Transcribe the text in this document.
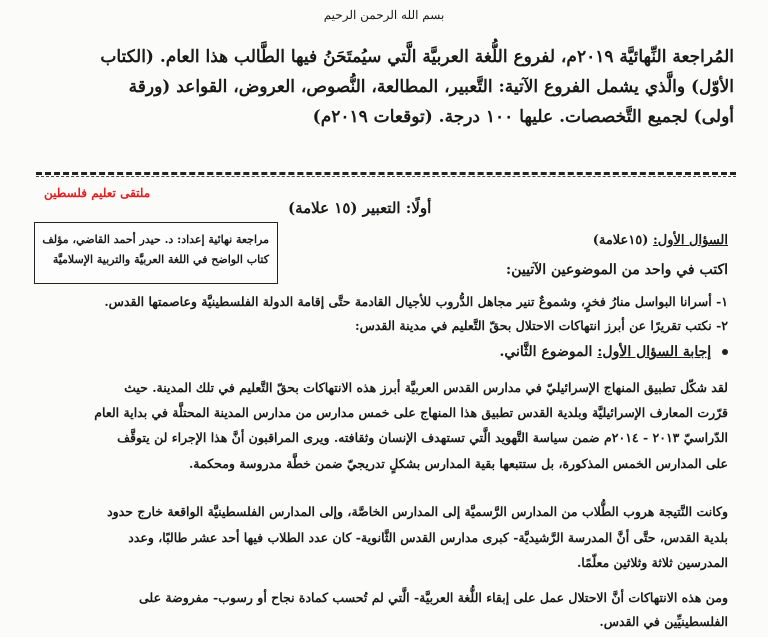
بسم الله الرحمن الرحيم
المُراجعة النِّهائيَّة ٢٠١٩م، لفروع اللُّغة العربيَّة الَّتي سيُمتَحَنُ فيها الطَّالب هذا العام. (الكتاب
الأوّل) والَّذي يشمل الفروع الآتية: التَّعبير، المطالعة، النُّصوص، العروض، القواعد (ورقة
أولى) لجميع التَّخصصات. عليها ١٠٠ درجة. (توقعات ٢٠١٩م)
ملتقى تعليم فلسطين
أولًا: التعبير (١٥ علامة)
مراجعة نهائية إعداد: د. حيدر أحمد القاضي، مؤلف
كتاب الواضح في اللغة العربيَّة والتربية الإسلاميَّة
السؤال الأول: (١٥علامة)
اكتب في واحد من الموضوعين الآتيين:
١- أسرانا البواسل منارُ فخرٍ، وشموعٌ تنير مجاهل الدُّروب للأجيال القادمة حتَّى إقامة الدولة الفلسطينيَّة وعاصمتها القدس.
٢- نكتب تقريرًا عن أبرز انتهاكات الاحتلال بحقّ التَّعليم في مدينة القدس:
إجابة السؤال الأول: الموضوع الثَّاني.
لقد شكّل تطبيق المنهاج الإسرائيليّ في مدارس القدس العربيَّة أبرز هذه الانتهاكات بحقّ التَّعليم في تلك المدينة. حيث
قرّرت المعارف الإسرائيليَّة وبلدية القدس تطبيق هذا المنهاج على خمس مدارس من مدارس المدينة المحتلَّة في بداية العام
الدّراسيّ ٢٠١٣ - ٢٠١٤م ضمن سياسة التَّهويد الَّتي تستهدف الإنسان وثقافته. ويرى المراقبون أنَّ هذا الإجراء لن يتوقَّف
على المدارس الخمس المذكورة، بل ستتبعها بقية المدارس بشكلٍ تدريجيّ ضمن خطَّة مدروسة ومحكمة.
وكانت النَّتيجة هروب الطُّلاب من المدارس الرَّسميَّة إلى المدارس الخاصَّة، وإلى المدارس الفلسطينيَّة الواقعة خارج حدود
بلدية القدس، حتَّى أنَّ المدرسة الرَّشيديَّة- كبرى مدارس القدس الثَّانوية- كان عدد الطلاب فيها أحد عشر طالبًا، وعدد
المدرسين ثلاثة وثلاثين معلّمًا.
ومن هذه الانتهاكات أنَّ الاحتلال عمل على إبقاء اللُّغة العربيَّة- الَّتي لم تُحسب كمادة نجاح أو رسوب- مفروضة على
الفلسطينيِّين في القدس.
